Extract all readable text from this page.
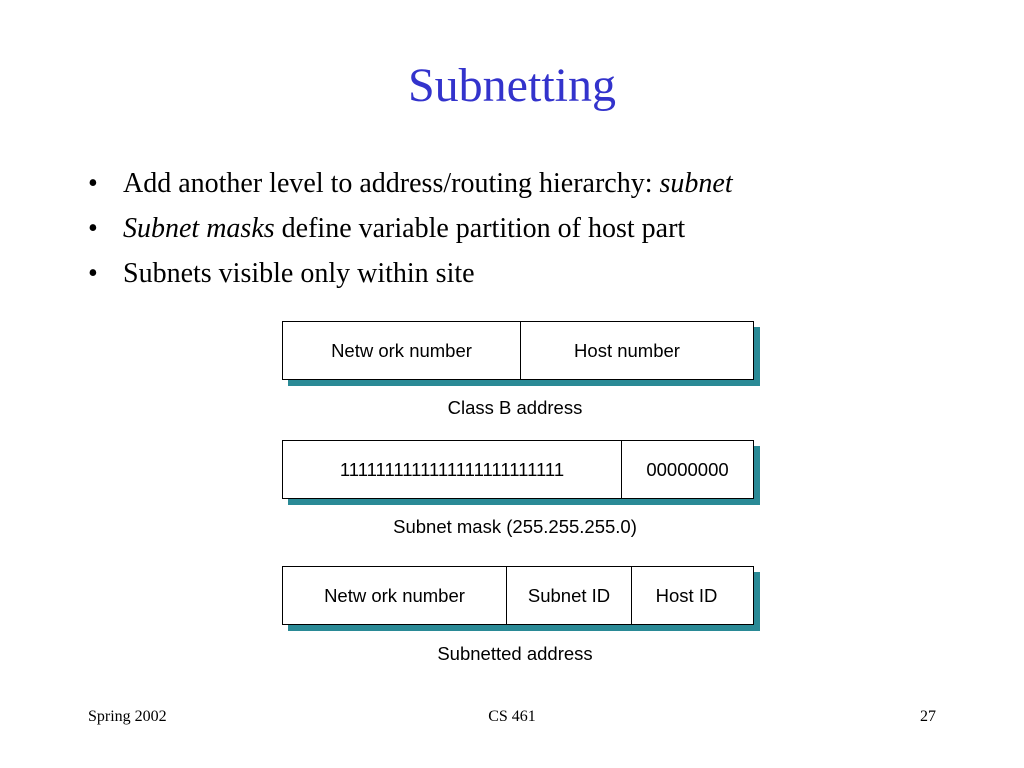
Subnetting
• Add another level to address/routing hierarchy: subnet
• Subnet masks define variable partition of host part
• Subnets visible only within site
Netw ork number	Host number
Class B address
1111111111111111111111111	00000000
Subnet mask (255.255.255.0)
Netw ork number	Subnet ID	Host ID
Subnetted address
Spring 2002	CS 461	27
